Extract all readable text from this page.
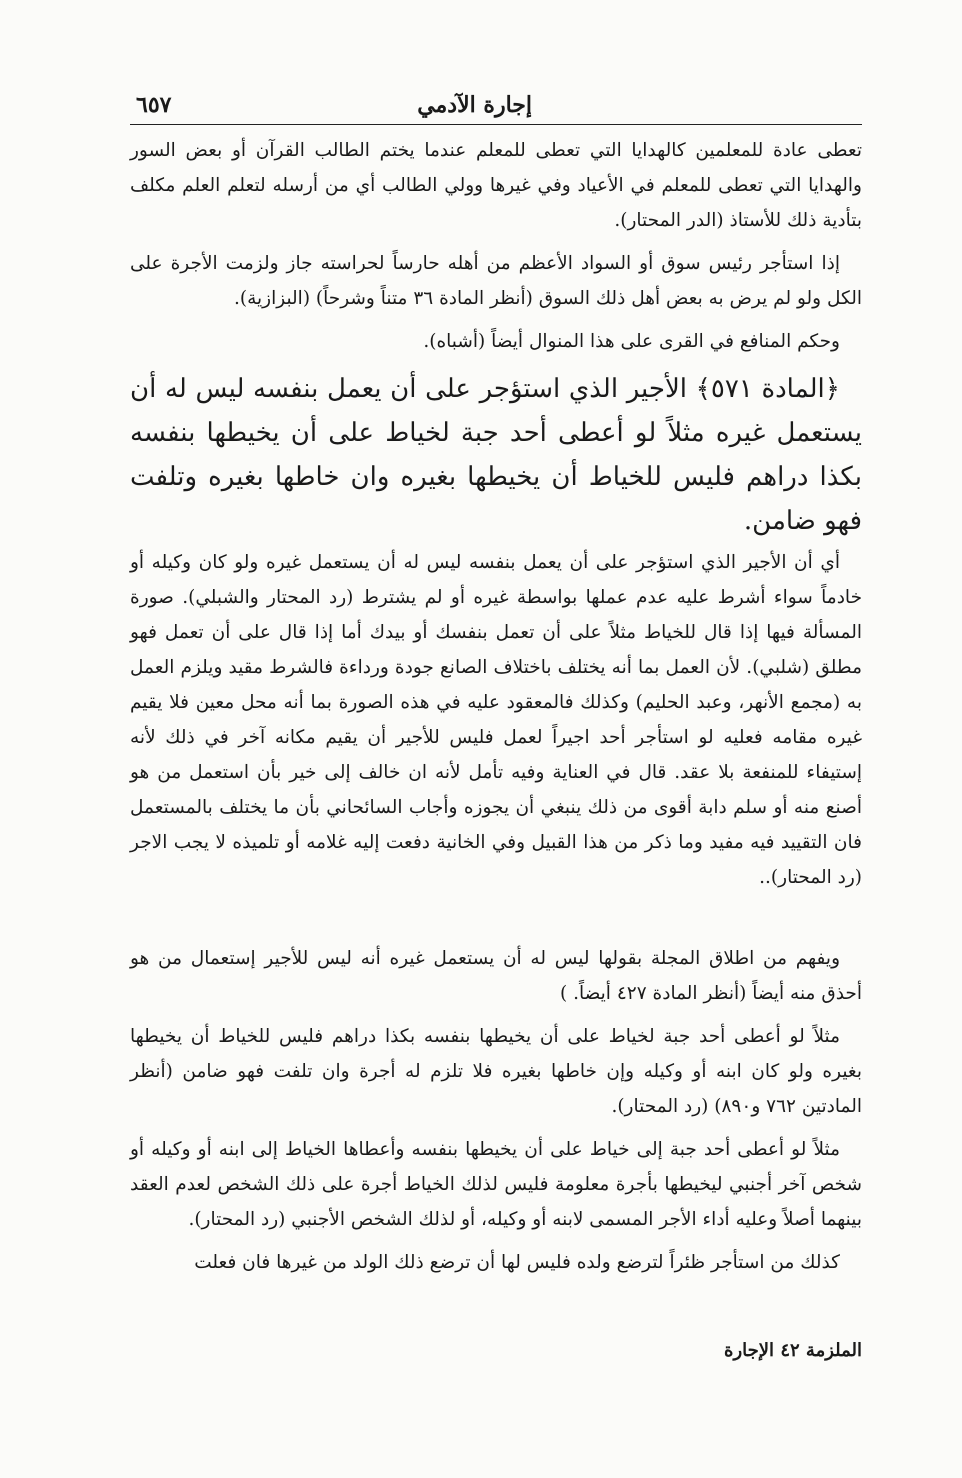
٦٥٧	إجارة الآدمي

تعطى عادة للمعلمين كالهدايا التي تعطى للمعلم عندما يختم الطالب القرآن أو بعض السور والهدايا التي تعطى للمعلم في الأعياد وفي غيرها وولي الطالب أي من أرسله لتعلم العلم مكلف بتأدية ذلك للأستاذ (الدر المحتار).

إذا استأجر رئيس سوق أو السواد الأعظم من أهله حارساً لحراسته جاز ولزمت الأجرة على الكل ولو لم يرض به بعض أهل ذلك السوق (أنظر المادة ٣٦ متناً وشرحاً) (البزازية).

وحكم المنافع في القرى على هذا المنوال أيضاً (أشباه).

﴿المادة ٥٧١﴾ الأجير الذي استؤجر على أن يعمل بنفسه ليس له أن يستعمل غيره مثلاً لو أعطى أحد جبة لخياط على أن يخيطها بنفسه بكذا دراهم فليس للخياط أن يخيطها بغيره وان خاطها بغيره وتلفت فهو ضامن.

أي أن الأجير الذي استؤجر على أن يعمل بنفسه ليس له أن يستعمل غيره ولو كان وكيله أو خادماً سواء أشرط عليه عدم عملها بواسطة غيره أو لم يشترط (رد المحتار والشبلي). صورة المسألة فيها إذا قال للخياط مثلاً على أن تعمل بنفسك أو بيدك أما إذا قال على أن تعمل فهو مطلق (شلبي). لأن العمل بما أنه يختلف باختلاف الصانع جودة ورداءة فالشرط مقيد ويلزم العمل به (مجمع الأنهر، وعبد الحليم) وكذلك فالمعقود عليه في هذه الصورة بما أنه محل معين فلا يقيم غيره مقامه فعليه لو استأجر أحد اجيراً لعمل فليس للأجير أن يقيم مكانه آخر في ذلك لأنه إستيفاء للمنفعة بلا عقد. قال في العناية وفيه تأمل لأنه ان خالف إلى خير بأن استعمل من هو أصنع منه أو سلم دابة أقوى من ذلك ينبغي أن يجوزه وأجاب السائحاني بأن ما يختلف بالمستعمل فان التقييد فيه مفيد وما ذكر من هذا القبيل وفي الخانية دفعت إليه غلامه أو تلميذه لا يجب الاجر (رد المحتار)..

ويفهم من اطلاق المجلة بقولها ليس له أن يستعمل غيره أنه ليس للأجير إستعمال من هو أحذق منه أيضاً (أنظر المادة ٤٢٧ أيضاً. )

مثلاً لو أعطى أحد جبة لخياط على أن يخيطها بنفسه بكذا دراهم فليس للخياط أن يخيطها بغيره ولو كان ابنه أو وكيله وإن خاطها بغيره فلا تلزم له أجرة وان تلفت فهو ضامن (أنظر المادتين ٧٦٢ و٨٩٠) (رد المحتار).

مثلاً لو أعطى أحد جبة إلى خياط على أن يخيطها بنفسه وأعطاها الخياط إلى ابنه أو وكيله أو شخص آخر أجنبي ليخيطها بأجرة معلومة فليس لذلك الخياط أجرة على ذلك الشخص لعدم العقد بينهما أصلاً وعليه أداء الأجر المسمى لابنه أو وكيله، أو لذلك الشخص الأجنبي (رد المحتار).

كذلك من استأجر ظئراً لترضع ولده فليس لها أن ترضع ذلك الولد من غيرها فان فعلت

الملزمة ٤٢ الإجارة
